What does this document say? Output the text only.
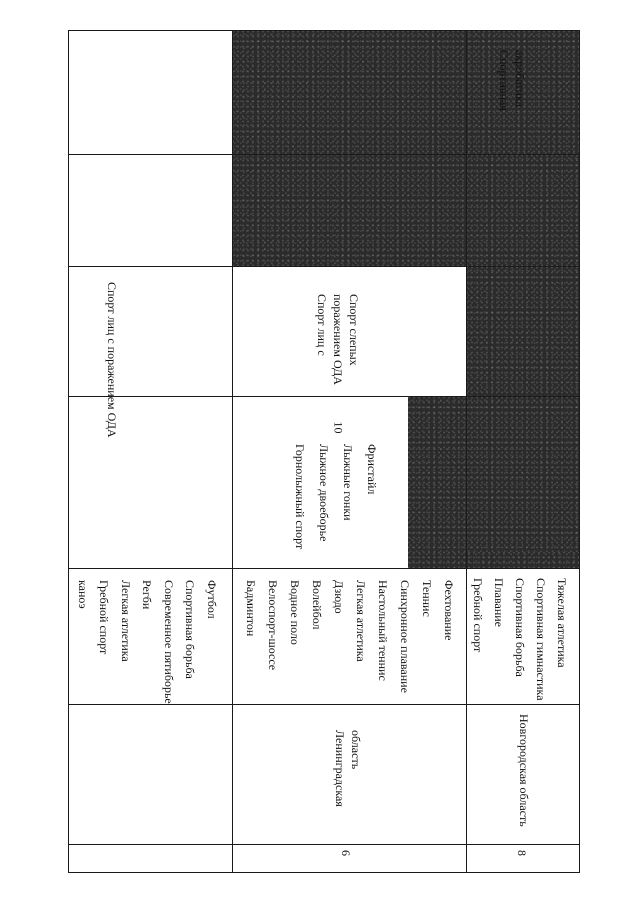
10
Футбол
Спортивная борьба
Современное пятиборье
Регби
Легкая атлетика
Гребной спорт
каноэ
Спорт лиц с поражением ОДА
6
область
Ленинградская
Фехтование
Теннис
Синхронное плавание
Настольный теннис
Легкая атлетика
Дзюдо
Волейбол
Водное поло
Велоспорт-шоссе
Бадминтон
Фристайл
Лыжные гонки
Лыжное двоеборье
Горнолыжный спорт
Спорт слепых
поражением ОДА
Спорт лиц с
8
Новгородская область
Тяжелая атлетика
Спортивная гимнастика
Спортивная борьба
Плавание
Гребной спорт
акробатика
Спортивная
